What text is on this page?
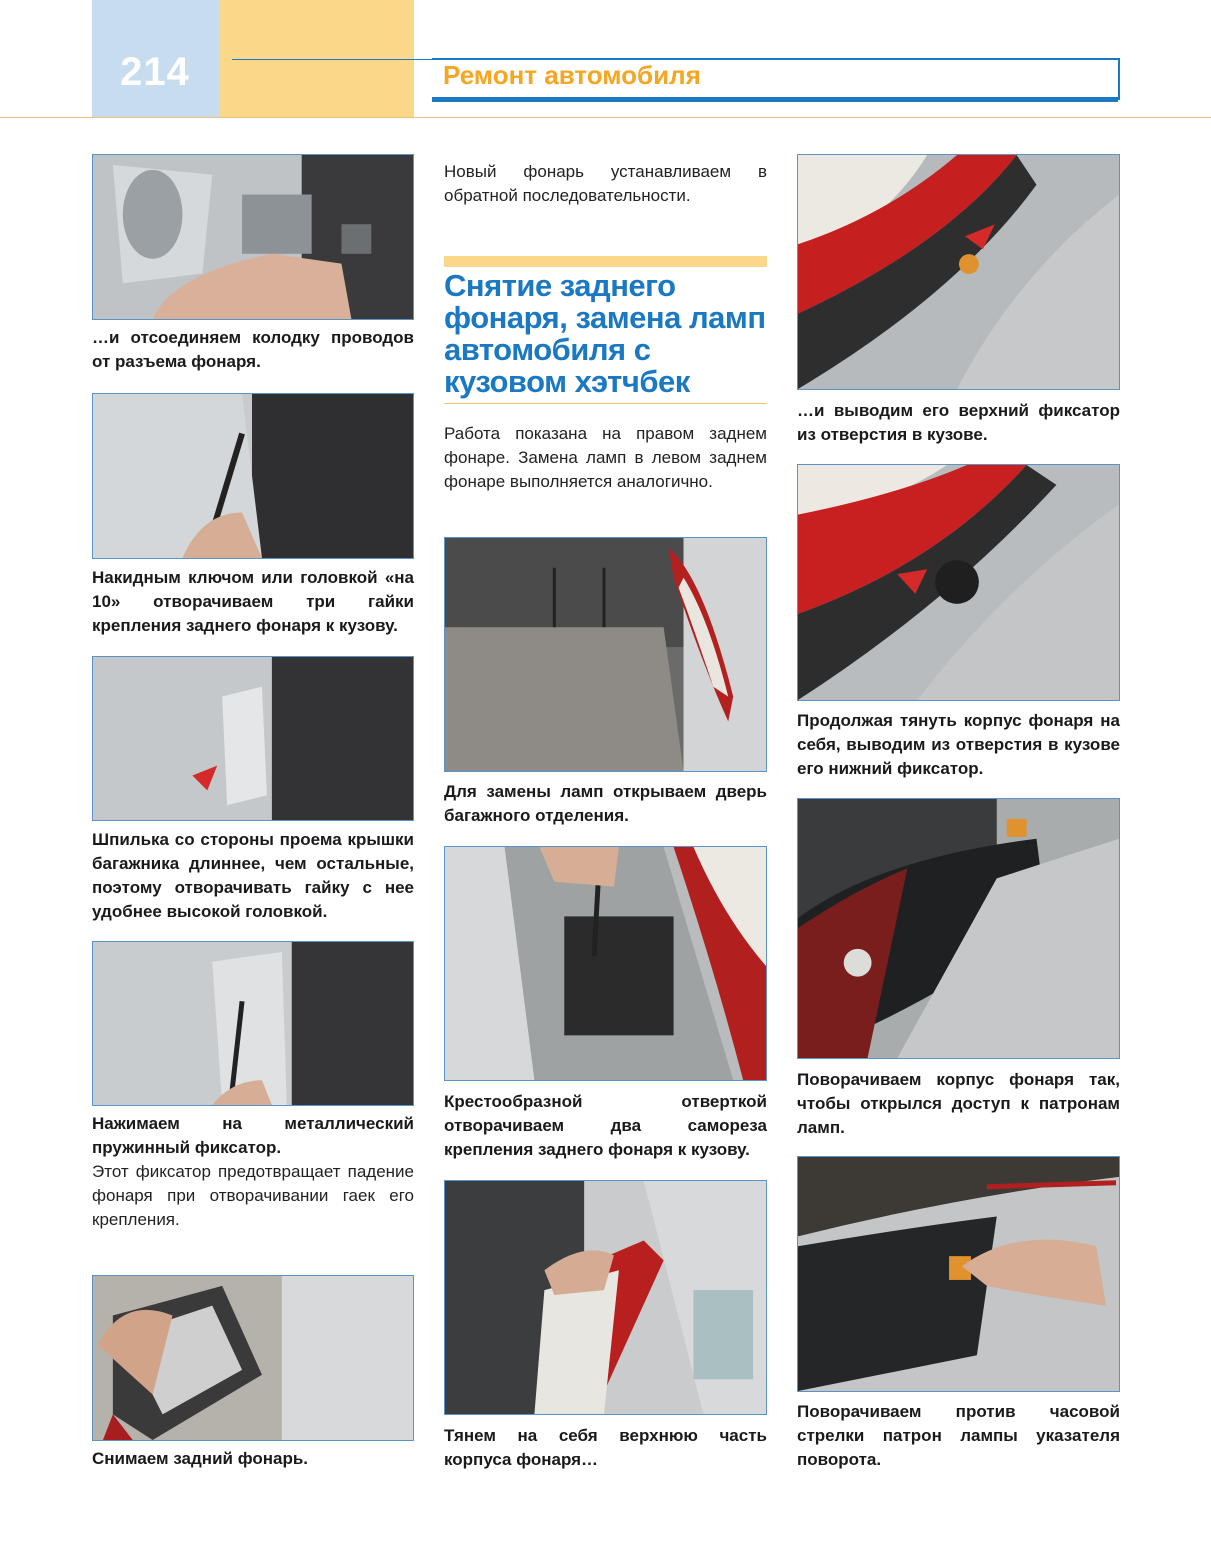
214	Ремонт автомобиля
…и отсоединяем колодку проводов от разъема фонаря.
Накидным ключом или головкой «на 10» отворачиваем три гайки крепления заднего фонаря к кузову.
Шпилька со стороны проема крышки багажника длиннее, чем остальные, поэтому отворачивать гайку с нее удобнее высокой головкой.
Нажимаем на металлический пружинный фиксатор.
Этот фиксатор предотвращает падение фонаря при отворачивании гаек его крепления.
Снимаем задний фонарь.
Новый фонарь устанавливаем в обратной последовательности.
Снятие заднего фонаря, замена ламп автомобиля с кузовом хэтчбек
Работа показана на правом заднем фонаре. Замена ламп в левом заднем фонаре выполняется аналогично.
Для замены ламп открываем дверь багажного отделения.
Крестообразной отверткой отворачиваем два самореза крепления заднего фонаря к кузову.
Тянем на себя верхнюю часть корпуса фонаря…
…и выводим его верхний фиксатор из отверстия в кузове.
Продолжая тянуть корпус фонаря на себя, выводим из отверстия в кузове его нижний фиксатор.
Поворачиваем корпус фонаря так, чтобы открылся доступ к патронам ламп.
Поворачиваем против часовой стрелки патрон лампы указателя поворота.
